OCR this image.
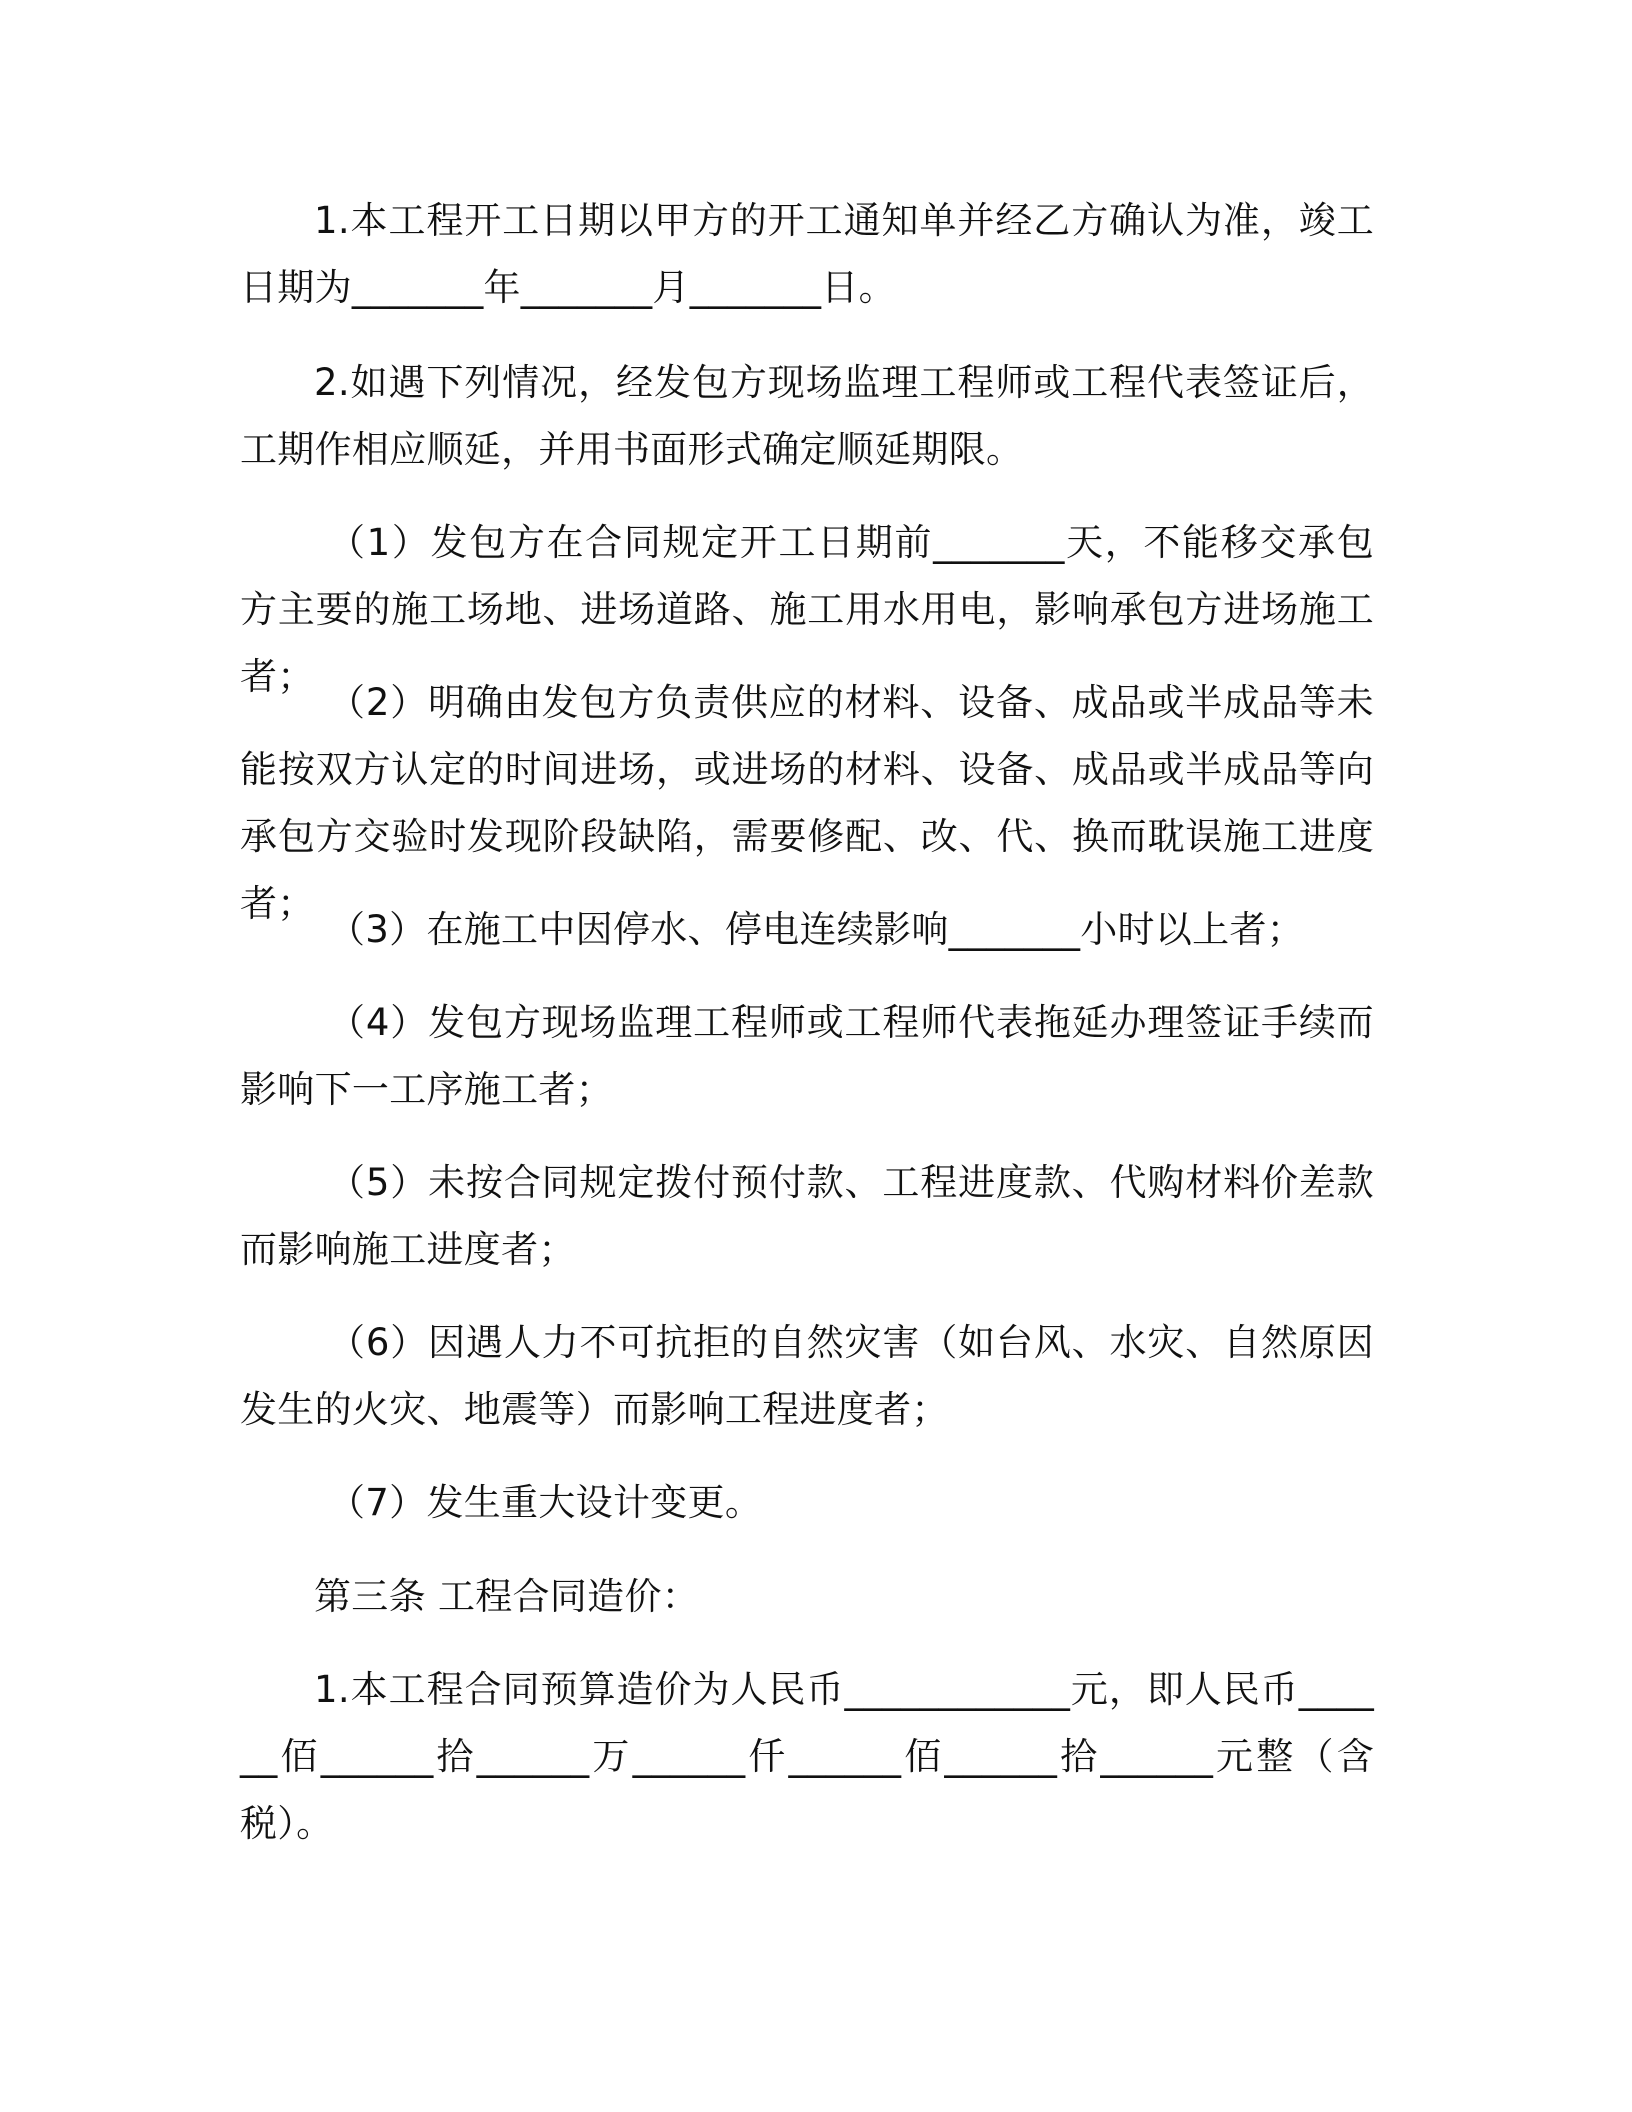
1.本工程开工日期以甲方的开工通知单并经乙方确认为准，竣工日期为_______年_______月_______日。

2.如遇下列情况，经发包方现场监理工程师或工程代表签证后，工期作相应顺延，并用书面形式确定顺延期限。

（1）发包方在合同规定开工日期前_______天，不能移交承包方主要的施工场地、进场道路、施工用水用电，影响承包方进场施工者；

（2）明确由发包方负责供应的材料、设备、成品或半成品等未能按双方认定的时间进场，或进场的材料、设备、成品或半成品等向承包方交验时发现阶段缺陷，需要修配、改、代、换而耽误施工进度者；

（3）在施工中因停水、停电连续影响_______小时以上者；

（4）发包方现场监理工程师或工程师代表拖延办理签证手续而影响下一工序施工者；

（5）未按合同规定拨付预付款、工程进度款、代购材料价差款而影响施工进度者；

（6）因遇人力不可抗拒的自然灾害（如台风、水灾、自然原因发生的火灾、地震等）而影响工程进度者；

（7）发生重大设计变更。

第三条 工程合同造价：

1.本工程合同预算造价为人民币____________元，即人民币______佰______拾______万______仟______佰______拾______元整（含税）。
